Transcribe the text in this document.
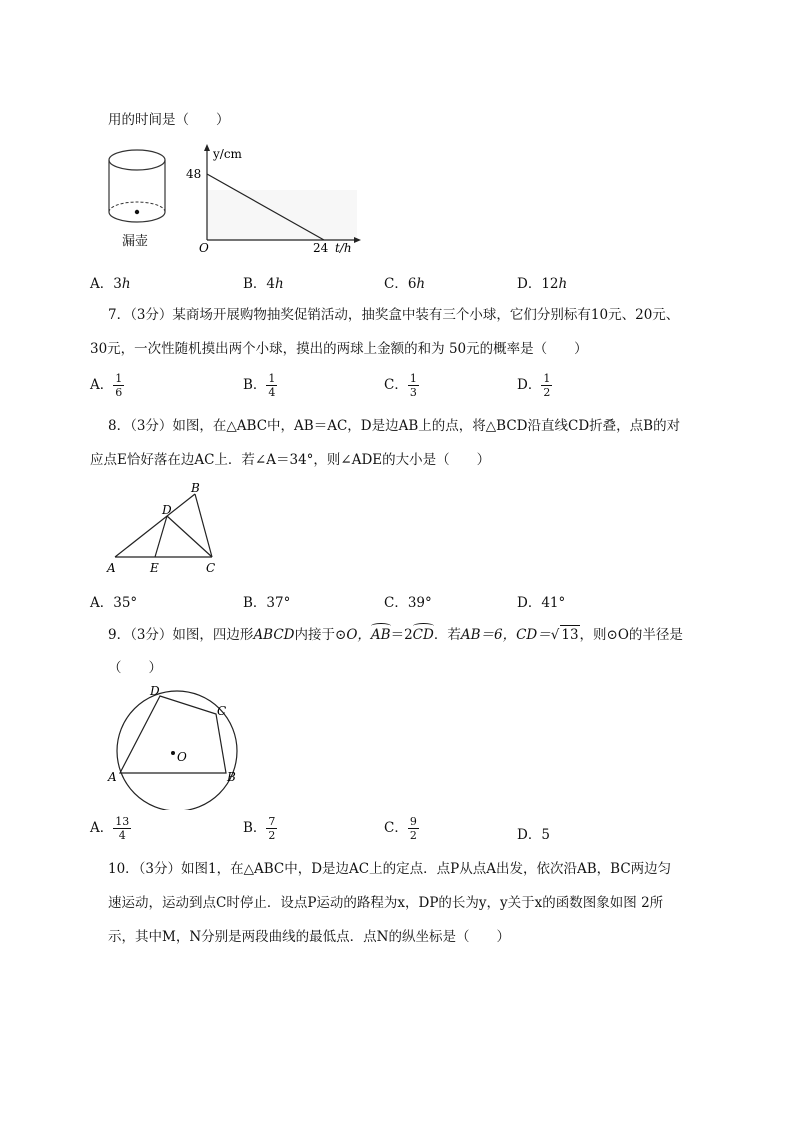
用的时间是（　　）
漏壶
y/cm
48
O	24 t/h
A．3h	B．4h	C．6h	D．12h
7．（3分）某商场开展购物抽奖促销活动，抽奖盒中装有三个小球，它们分别标有10元、20元、
30元，一次性随机摸出两个小球，摸出的两球上金额的和为 50元的概率是（　　）
A． $\frac{1}{6}$	B． $\frac{1}{4}$	C． $\frac{1}{3}$	D． $\frac{1}{2}$
8．（3分）如图，在△ABC中，AB＝AC，D是边AB上的点，将△BCD沿直线CD折叠，点B的对
应点E恰好落在边AC上．若∠A＝34°，则∠ADE的大小是（　　）
A	E	C
D
B
A．35°	B．37°	C．39°	D．41°
9．（3分）如图，四边形ABCD内接于⊙O，AB＝2CD．若AB＝6，CD＝√ 13，则⊙O的半径是
（　　）
A	B
C
D
O
A． $\frac{13}{4}$	B． $\frac{7}{2}$	C． $\frac{9}{2}$	D．5
10．（3分）如图1，在△ABC中，D是边AC上的定点．点P从点A出发，依次沿AB，BC两边匀
速运动，运动到点C时停止．设点P运动的路程为x，DP的长为y，y关于x的函数图象如图 2所
示，其中M，N分别是两段曲线的最低点．点N的纵坐标是（　　）
